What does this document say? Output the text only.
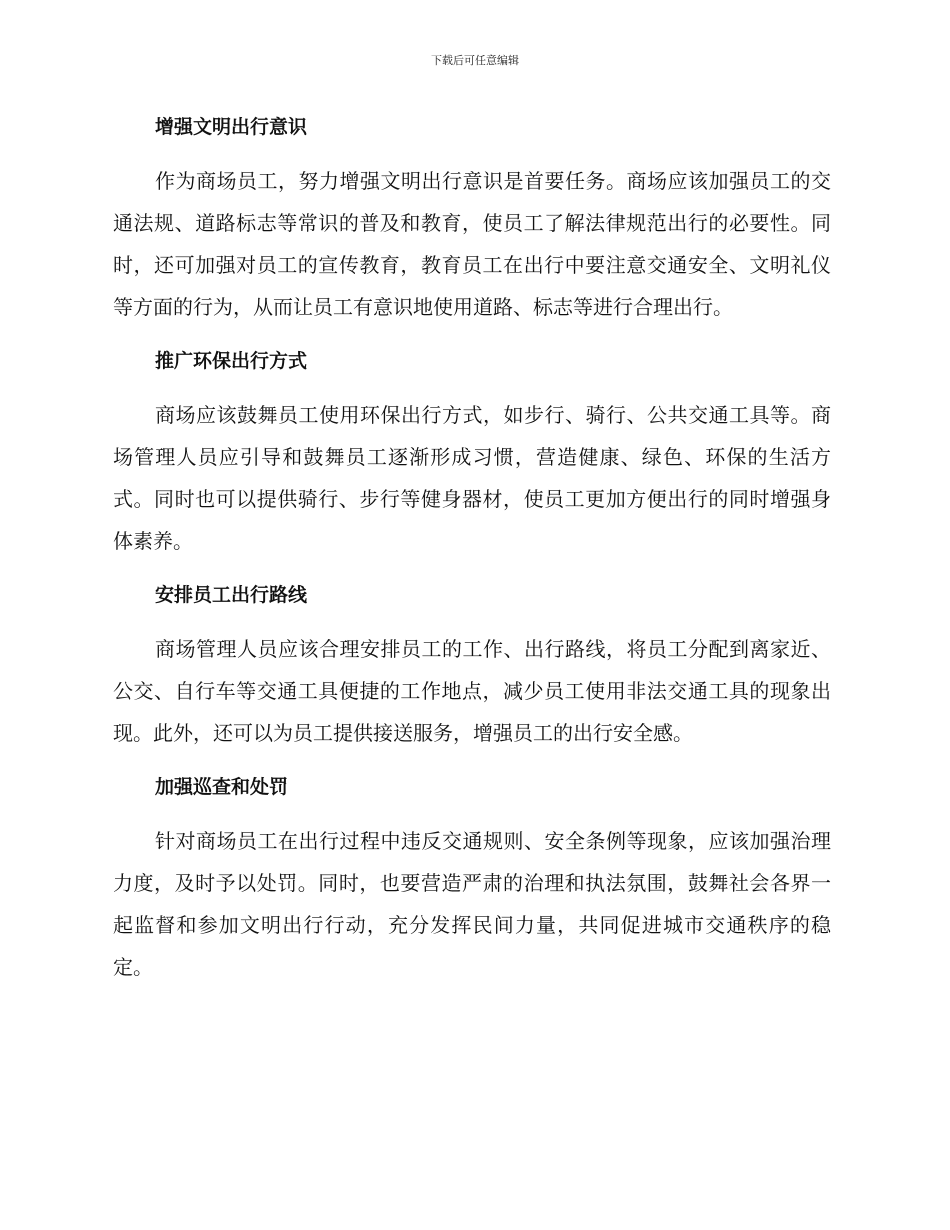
下载后可任意编辑
增强文明出行意识

作为商场员工，努力增强文明出行意识是首要任务。商场应该加强员工的交通法规、道路标志等常识的普及和教育，使员工了解法律规范出行的必要性。同时，还可加强对员工的宣传教育，教育员工在出行中要注意交通安全、文明礼仪等方面的行为，从而让员工有意识地使用道路、标志等进行合理出行。

推广环保出行方式

商场应该鼓舞员工使用环保出行方式，如步行、骑行、公共交通工具等。商场管理人员应引导和鼓舞员工逐渐形成习惯，营造健康、绿色、环保的生活方式。同时也可以提供骑行、步行等健身器材，使员工更加方便出行的同时增强身体素养。

安排员工出行路线

商场管理人员应该合理安排员工的工作、出行路线，将员工分配到离家近、公交、自行车等交通工具便捷的工作地点，减少员工使用非法交通工具的现象出现。此外，还可以为员工提供接送服务，增强员工的出行安全感。

加强巡查和处罚

针对商场员工在出行过程中违反交通规则、安全条例等现象，应该加强治理力度，及时予以处罚。同时，也要营造严肃的治理和执法氛围，鼓舞社会各界一起监督和参加文明出行行动，充分发挥民间力量，共同促进城市交通秩序的稳定。
